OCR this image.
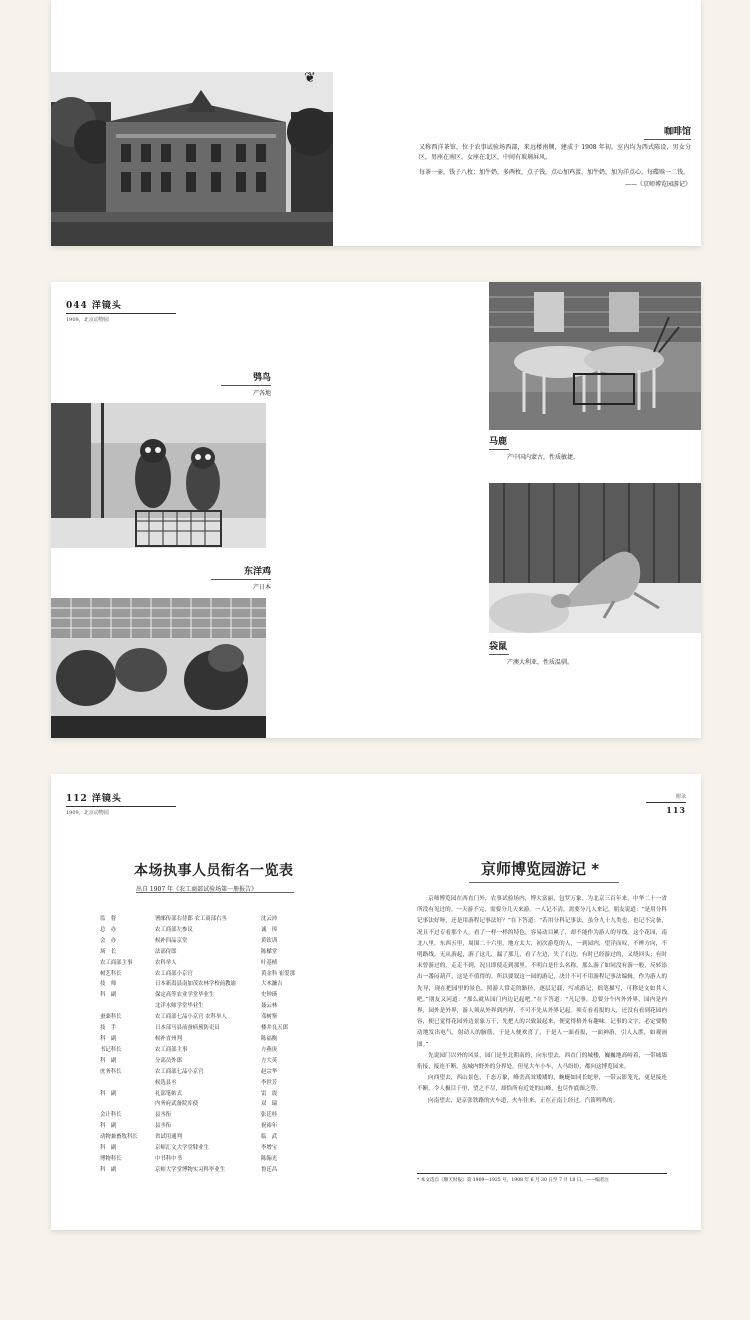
❦
咖啡馆
又称西洋茶馆，位于农事试验场西部，来远楼南侧，建成于 1908 年初。室内均为西式陈设，男女分区，男座在南区，女座在北区，中间有玻璃屏风。
每茶一壶，钱子八枚；加牛奶，多两枚，点子钱，点心加鸡蛋、加牛奶，加为洋点心，每碟赎一二钱。
——《京师博览园游记》
044 洋镜头
1909，北京动物园
鸮鸟
产各地
东洋鸡
产日本
马鹿
产中国内蒙古，性质敏捷。
袋鼠
产澳大利亚，性质温驯。
112 洋镜头
1909，北京动物园
附录
113
本场执事人员衔名一览表
出自 1907 年《农工商部试验场第一册报告》
监　督	署邮传部右侍郎 农工商部右丞	沈云沛
总　办	农工商部左参议	诚　璋
会　办	候补四品京堂	黄钦训
场　长	法部侍郎	陈樑堂
农工商部主事	农科举人	叶基桢
树艺科长	农工商部小京官	黄金科 崔爱那
技　师	日本新潟县南加茂农林学校前教谕	大木濂吉
科　副	保定高等农业学堂毕业生	史钟瑛
北洋水师学堂毕业生	聂云林
蚕桑科长	农工商部七品小京官 农科举人	邓树鉴
技　手	日本部马县前蚕病预防吏员	楼井良五郎
科　副	候补直州判	陈福衡
书记科长	农工商部主事	方燕庚
科　副	分部员外郎	方大英
庶务科长	农工商部七品小京官	赵宗华
候选县丞	李世芳
科　副	礼部笔帖式	雷　震
内务府武备院库使	双　瑞
会计科长	县丞衔	张廷桂
科　副	县丞衔	祝裕年
动物兼畜牧科长	省试用通判	临　武
科　副	京师汇文大学堂肄业生	李增宝
博物科长	中书科中书	陈翰光
科　副	京师大学堂博物实习科毕业生	鲁廷昌
京师博览园游记 *

京师博览园在西直门外，农事试验场内，博大富丽，包罗万象，为北京三百年来，中华二十一省所没有见过的。一天游不完，需要分几天来游。一人记不清，需要分几人来记。朋友说道：“是用分科记事法好呀，还是用游程记事法好？”在下答道：“若用分科记事法，虽分九十九类也，也记不完备，况且不过专看那个人，看了一样一样的特色，容易动目累了，却不能作为游人的导线。这个花园，南北八里，东西五里，周围二十六里，地方太大，初次游览的人，一到园内，望洋而叹，不辨方向，不明路线，无从游起，游了这儿，漏了那儿，看了左边，失了右边，有时已经游过的，又绕回头；有时未曾游过的，走走不到，况且即使走到那里，不明白是什么名称，那么游了如同没有游一般，反转添出一番闷葫芦，这是不值得的。所以要叙这一园的游记，决计不可不用游程记事法编辑，作为游人的先导，现在把园里的景色，照游人常走的路径，逐层记载，写成游记，拙笔描写，可称是文如其人吧。”朋友又问道：“那么就从园门内边记起吧。”在下答道：“凡记事，总要分个内外外界，园内是内界，园外是外界，游人须从外界到内界，不可不先从外界记起。须专看看报的人，还没有看到花园内容，便已觉得花园外边景象万千，先把人的兴致鼓起来，便觉得格外有趣味。记事的文字，必定要勒动地发出电气，射动人的脑筋，于是人便欢喜了，于是人一面看报，一面神游，引人入胜，如观画图。”

先说园门以外的风景，园门是坐北朝南的，向东望去，西直门的城楼，巍巍地高峙着，一带城墙衔接，接连不断，虽城内野外的分界处，但见大车小车，人马纷纷，都向这博览园来。

向西望去，西山景色，千态万象，峰峦高耸矮矮的，蜿蜒如同长蛇形，一带云影笼光，更是接连不断，令人极目千里，望之不尽，却恰所有近处的山峰，也尽作底图之势。

向南望去，是京张铁路的火车道，火车往来，正在正南上经过，汽笛鸣鸣的。

* 本文选自《顺天时报》第 1909—1925 号，1908 年 6 月 30 日至 7 月 18 日。——编者注
